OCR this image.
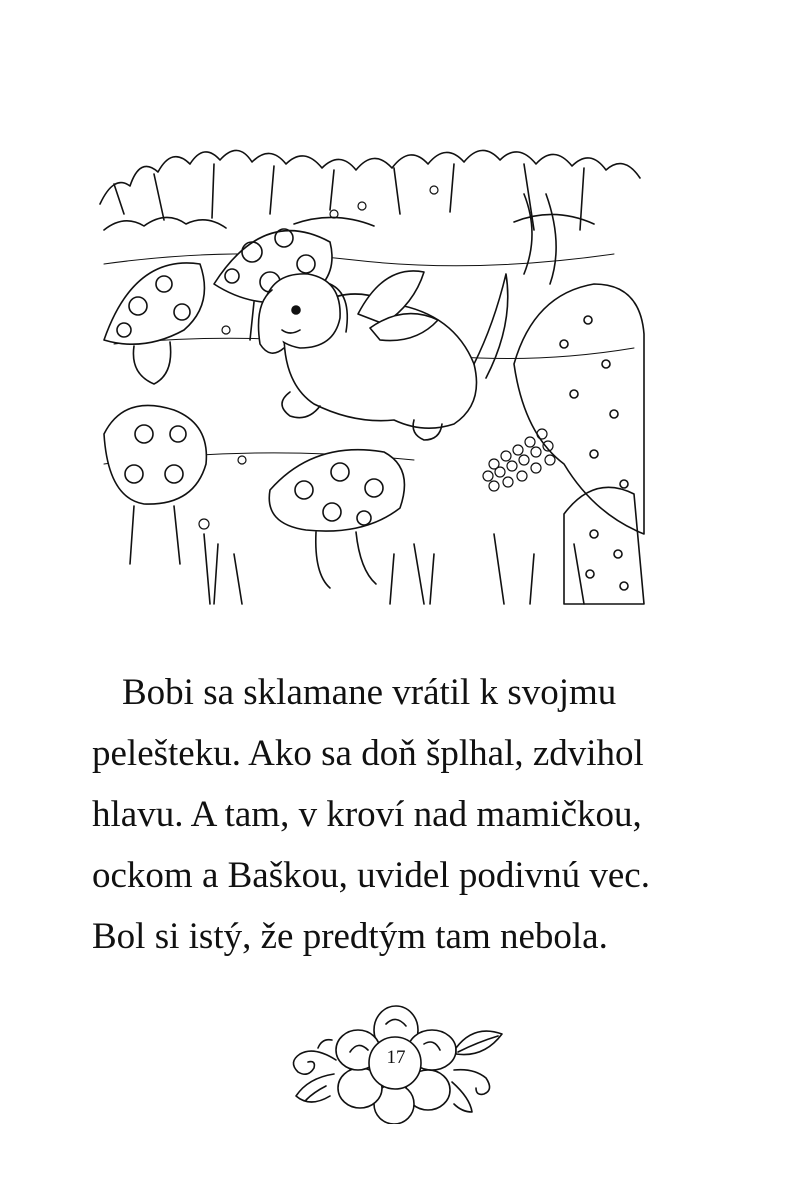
Bobi sa sklamane vrátil k svojmu
pelešteku. Ako sa doň šplhal, zdvihol
hlavu. A tam, v kroví nad mamičkou,
ockom a Baškou, uvidel podivnú vec.
Bol si istý, že predtým tam nebola.
17
